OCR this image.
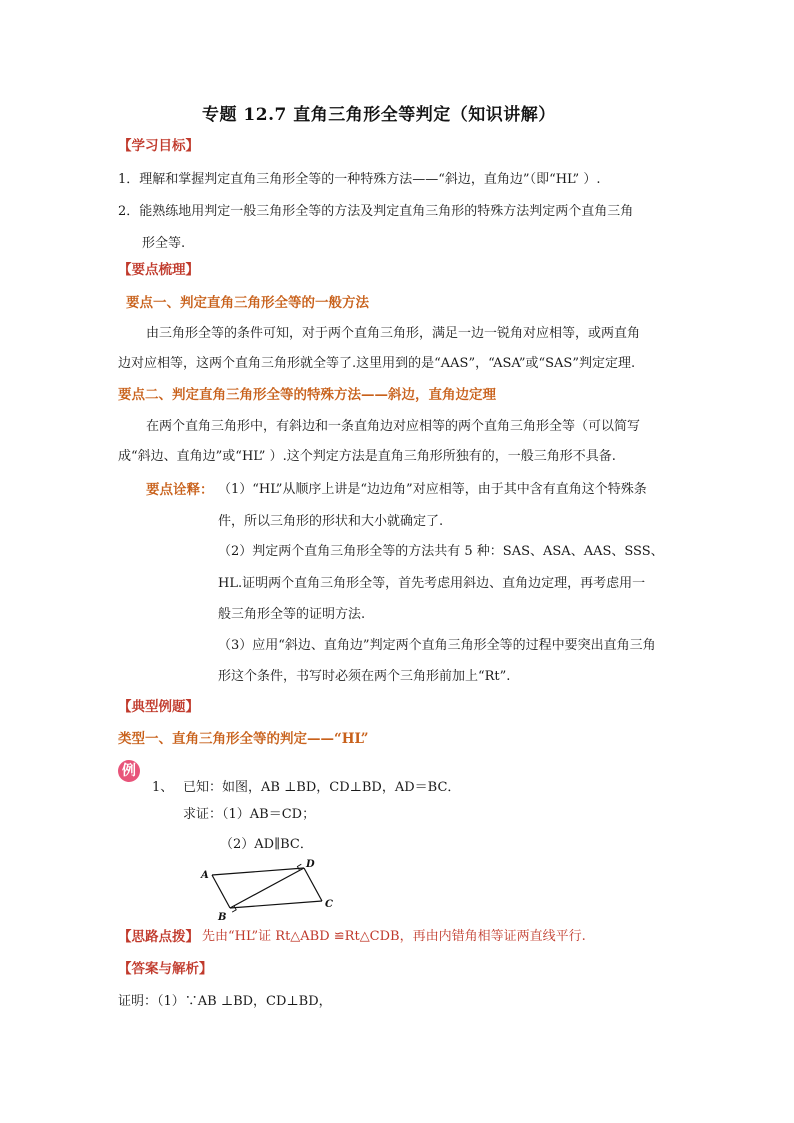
专题 12.7 直角三角形全等判定（知识讲解）
【学习目标】
1．理解和掌握判定直角三角形全等的一种特殊方法——“斜边，直角边”（即“HL” ）.
2．能熟练地用判定一般三角形全等的方法及判定直角三角形的特殊方法判定两个直角三角
形全等.
【要点梳理】
要点一、判定直角三角形全等的一般方法
由三角形全等的条件可知，对于两个直角三角形，满足一边一锐角对应相等，或两直角
边对应相等，这两个直角三角形就全等了.这里用到的是“AAS”，“ASA”或“SAS”判定定理.
要点二、判定直角三角形全等的特殊方法——斜边，直角边定理
在两个直角三角形中，有斜边和一条直角边对应相等的两个直角三角形全等（可以简写
成“斜边、直角边”或“HL” ）.这个判定方法是直角三角形所独有的，一般三角形不具备.
要点诠释： （1）“HL”从顺序上讲是“边边角”对应相等，由于其中含有直角这个特殊条
件，所以三角形的形状和大小就确定了.
（2）判定两个直角三角形全等的方法共有 5 种：SAS、ASA、AAS、SSS、
HL.证明两个直角三角形全等，首先考虑用斜边、直角边定理，再考虑用一
般三角形全等的证明方法.
（3）应用“斜边、直角边”判定两个直角三角形全等的过程中要突出直角三角
形这个条件，书写时必须在两个三角形前加上“Rt”.
【典型例题】
类型一、直角三角形全等的判定——“HL”
例
1、 已知：如图，AB ⊥BD，CD⊥BD，AD＝BC．
求证：（1）AB＝CD；
（2）AD∥BC．
A
B
C
D
【思路点拨】 先由“HL”证 Rt△ABD ≌Rt△CDB，再由内错角相等证两直线平行.
【答案与解析】
证明：（1）∵AB ⊥BD，CD⊥BD，
